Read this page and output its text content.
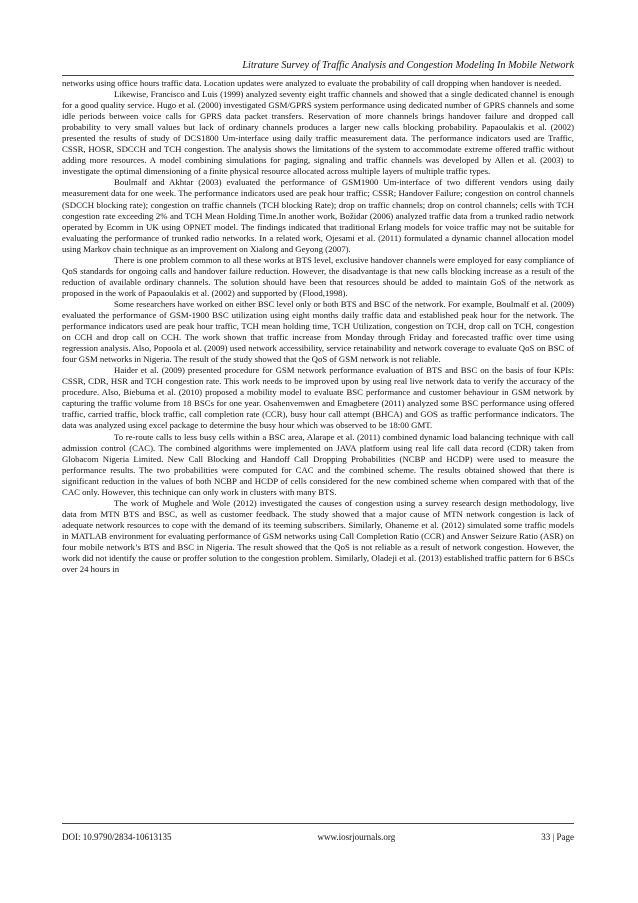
Litrature Survey of Traffic Analysis and Congestion Modeling In Mobile Network

networks using office hours traffic data. Location updates were analyzed to evaluate the probability of call dropping when handover is needed.

Likewise, Francisco and Luis (1999) analyzed seventy eight traffic channels and showed that a single dedicated channel is enough for a good quality service. Hugo et al. (2000) investigated GSM/GPRS system performance using dedicated number of GPRS channels and some idle periods between voice calls for GPRS data packet transfers. Reservation of more channels brings handover failure and dropped call probability to very small values but lack of ordinary channels produces a larger new calls blocking probability. Papaoulakis et al. (2002) presented the results of study of DCS1800 Um-interface using daily traffic measurement data. The performance indicators used are Traffic, CSSR, HOSR, SDCCH and TCH congestion. The analysis shows the limitations of the system to accommodate extreme offered traffic without adding more resources. A model combining simulations for paging, signaling and traffic channels was developed by Allen et al. (2003) to investigate the optimal dimensioning of a finite physical resource allocated across multiple layers of multiple traffic types.

Boulmalf and Akhtar (2003) evaluated the performance of GSM1900 Um-interface of two different vendors using daily measurement data for one week. The performance indicators used are peak hour traffic; CSSR; Handover Failure; congestion on control channels (SDCCH blocking rate); congestion on traffic channels (TCH blocking Rate); drop on traffic channels; drop on control channels; cells with TCH congestion rate exceeding 2% and TCH Mean Holding Time.In another work, Božidar (2006) analyzed traffic data from a trunked radio network operated by Ecomm in UK using OPNET model. The findings indicated that traditional Erlang models for voice traffic may not be suitable for evaluating the performance of trunked radio networks. In a related work, Ojesami et al. (2011) formulated a dynamic channel allocation model using Markov chain technique as an improvement on Xialong and Geyong (2007).

There is one problem common to all these works at BTS level, exclusive handover channels were employed for easy compliance of QoS standards for ongoing calls and handover failure reduction. However, the disadvantage is that new calls blocking increase as a result of the reduction of available ordinary channels. The solution should have been that resources should be added to maintain GoS of the network as proposed in the work of Papaoulakis et al. (2002) and supported by (Flood,1998).

Some researchers have worked on either BSC level only or both BTS and BSC of the network. For example, Boulmalf et al. (2009) evaluated the performance of GSM-1900 BSC utilization using eight months daily traffic data and established peak hour for the network. The performance indicators used are peak hour traffic, TCH mean holding time, TCH Utilization, congestion on TCH, drop call on TCH, congestion on CCH and drop call on CCH. The work shown that traffic increase from Monday through Friday and forecasted traffic over time using regression analysis. Also, Popoola et al. (2009) used network accessibility, service retainability and network coverage to evaluate QoS on BSC of four GSM networks in Nigeria. The result of the study showed that the QoS of GSM network is not reliable.

Haider et al. (2009) presented procedure for GSM network performance evaluation of BTS and BSC on the basis of four KPIs: CSSR, CDR, HSR and TCH congestion rate. This work needs to be improved upon by using real live network data to verify the accuracy of the procedure. Also, Biebuma et al. (2010) proposed a mobility model to evaluate BSC performance and customer behaviour in GSM network by capturing the traffic volume from 18 BSCs for one year. Osahenvemwen and Emagbetere (2011) analyzed some BSC performance using offered traffic, carried traffic, block traffic, call completion rate (CCR), busy hour call attempt (BHCA) and GOS as traffic performance indicators. The data was analyzed using excel package to determine the busy hour which was observed to be 18:00 GMT.

To re-route calls to less busy cells within a BSC area, Alarape et al. (2011) combined dynamic load balancing technique with call admission control (CAC). The combined algorithms were implemented on JAVA platform using real life call data record (CDR) taken from Globacom Nigeria Limited. New Call Blocking and Handoff Call Dropping Probabilities (NCBP and HCDP) were used to measure the performance results. The two probabilities were computed for CAC and the combined scheme. The results obtained showed that there is significant reduction in the values of both NCBP and HCDP of cells considered for the new combined scheme when compared with that of the CAC only. However, this technique can only work in clusters with many BTS.

The work of Mughele and Wole (2012) investigated the causes of congestion using a survey research design methodology, live data from MTN BTS and BSC, as well as customer feedback. The study showed that a major cause of MTN network congestion is lack of adequate network resources to cope with the demand of its teeming subscribers. Similarly, Ohaneme et al. (2012) simulated some traffic models in MATLAB environment for evaluating performance of GSM networks using Call Completion Ratio (CCR) and Answer Seizure Ratio (ASR) on four mobile network’s BTS and BSC in Nigeria. The result showed that the QoS is not reliable as a result of network congestion. However, the work did not identify the cause or proffer solution to the congestion problem. Similarly, Oladeji et al. (2013) established traffic pattern for 6 BSCs over 24 hours in

DOI: 10.9790/2834-10613135	www.iosrjournals.org	33 | Page
